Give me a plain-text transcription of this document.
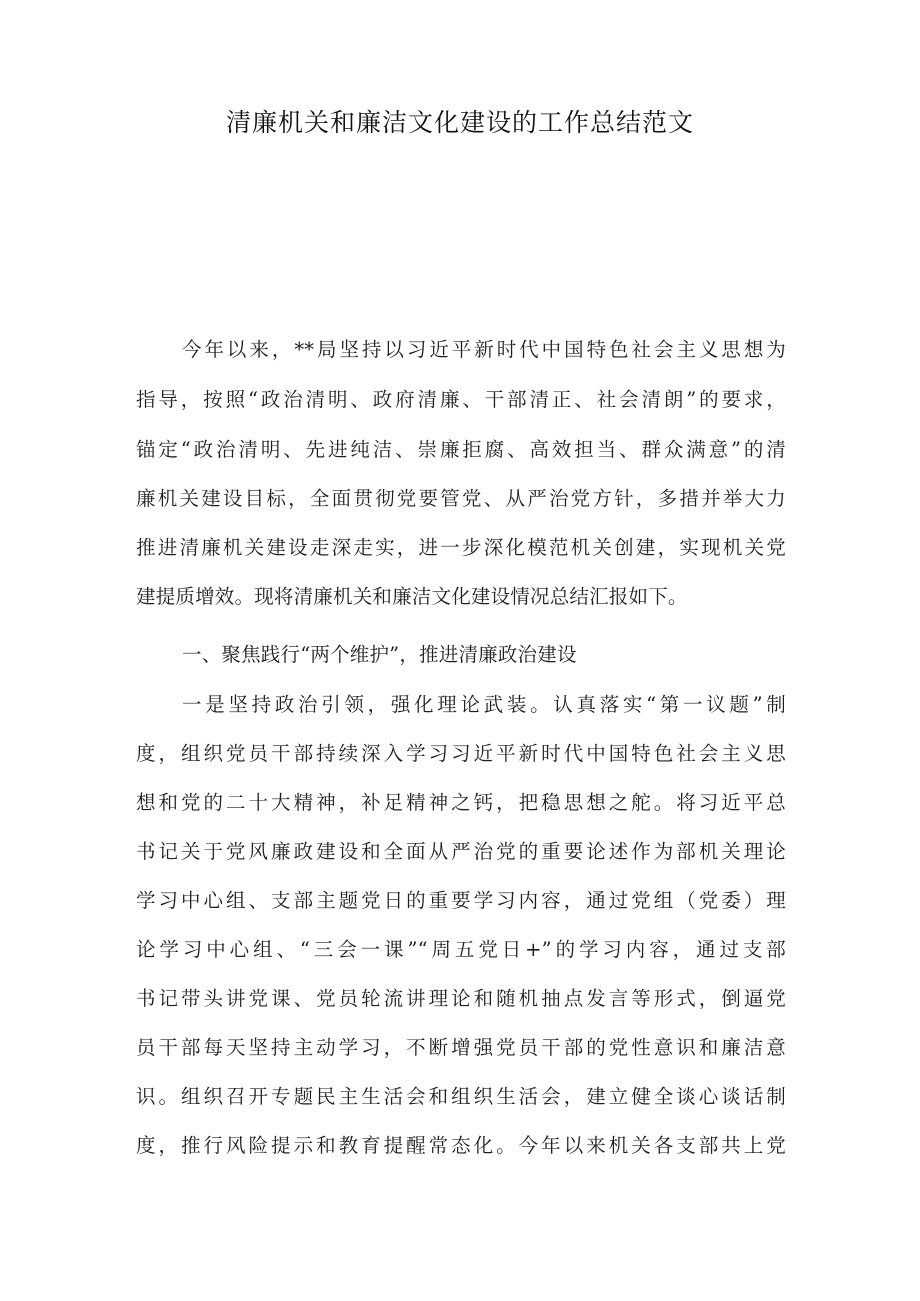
清廉机关和廉洁文化建设的工作总结范文
今年以来，**局坚持以习近平新时代中国特色社会主义思想为
指导，按照“政治清明、政府清廉、干部清正、社会清朗”的要求，
锚定“政治清明、先进纯洁、崇廉拒腐、高效担当、群众满意”的清
廉机关建设目标，全面贯彻党要管党、从严治党方针，多措并举大力
推进清廉机关建设走深走实，进一步深化模范机关创建，实现机关党
建提质增效。现将清廉机关和廉洁文化建设情况总结汇报如下。
一、聚焦践行“两个维护”，推进清廉政治建设
一是坚持政治引领，强化理论武装。认真落实“第一议题”制
度，组织党员干部持续深入学习习近平新时代中国特色社会主义思
想和党的二十大精神，补足精神之钙，把稳思想之舵。将习近平总
书记关于党风廉政建设和全面从严治党的重要论述作为部机关理论
学习中心组、支部主题党日的重要学习内容，通过党组（党委）理
论学习中心组、“三会一课”“周五党日+”的学习内容，通过支部
书记带头讲党课、党员轮流讲理论和随机抽点发言等形式，倒逼党
员干部每天坚持主动学习，不断增强党员干部的党性意识和廉洁意
识。组织召开专题民主生活会和组织生活会，建立健全谈心谈话制
度，推行风险提示和教育提醒常态化。今年以来机关各支部共上党
